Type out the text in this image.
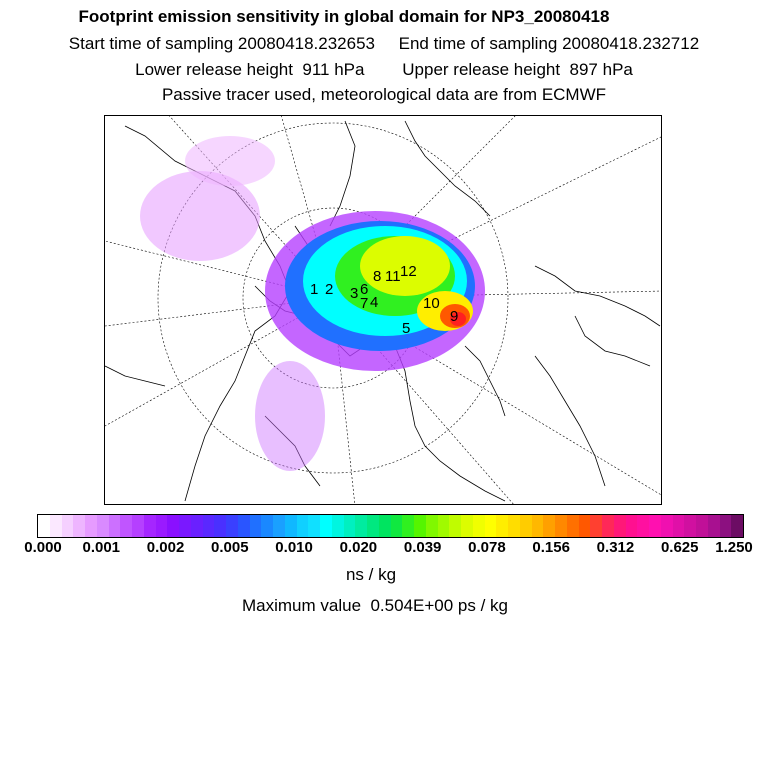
Footprint emission sensitivity in global domain for NP3_20080418
Start time of sampling 20080418.232653     End time of sampling 20080418.232712
Lower release height  911 hPa        Upper release height  897 hPa
Passive tracer used, meteorological data are from ECMWF
1 2 3
4
5
6
7
8
9
10
11 12
ns / kg
Maximum value  0.504E+00 ps / kg
0.000 0.001 0.002 0.005 0.010 0.020 0.039 0.078 0.156 0.312 0.625 1.250
